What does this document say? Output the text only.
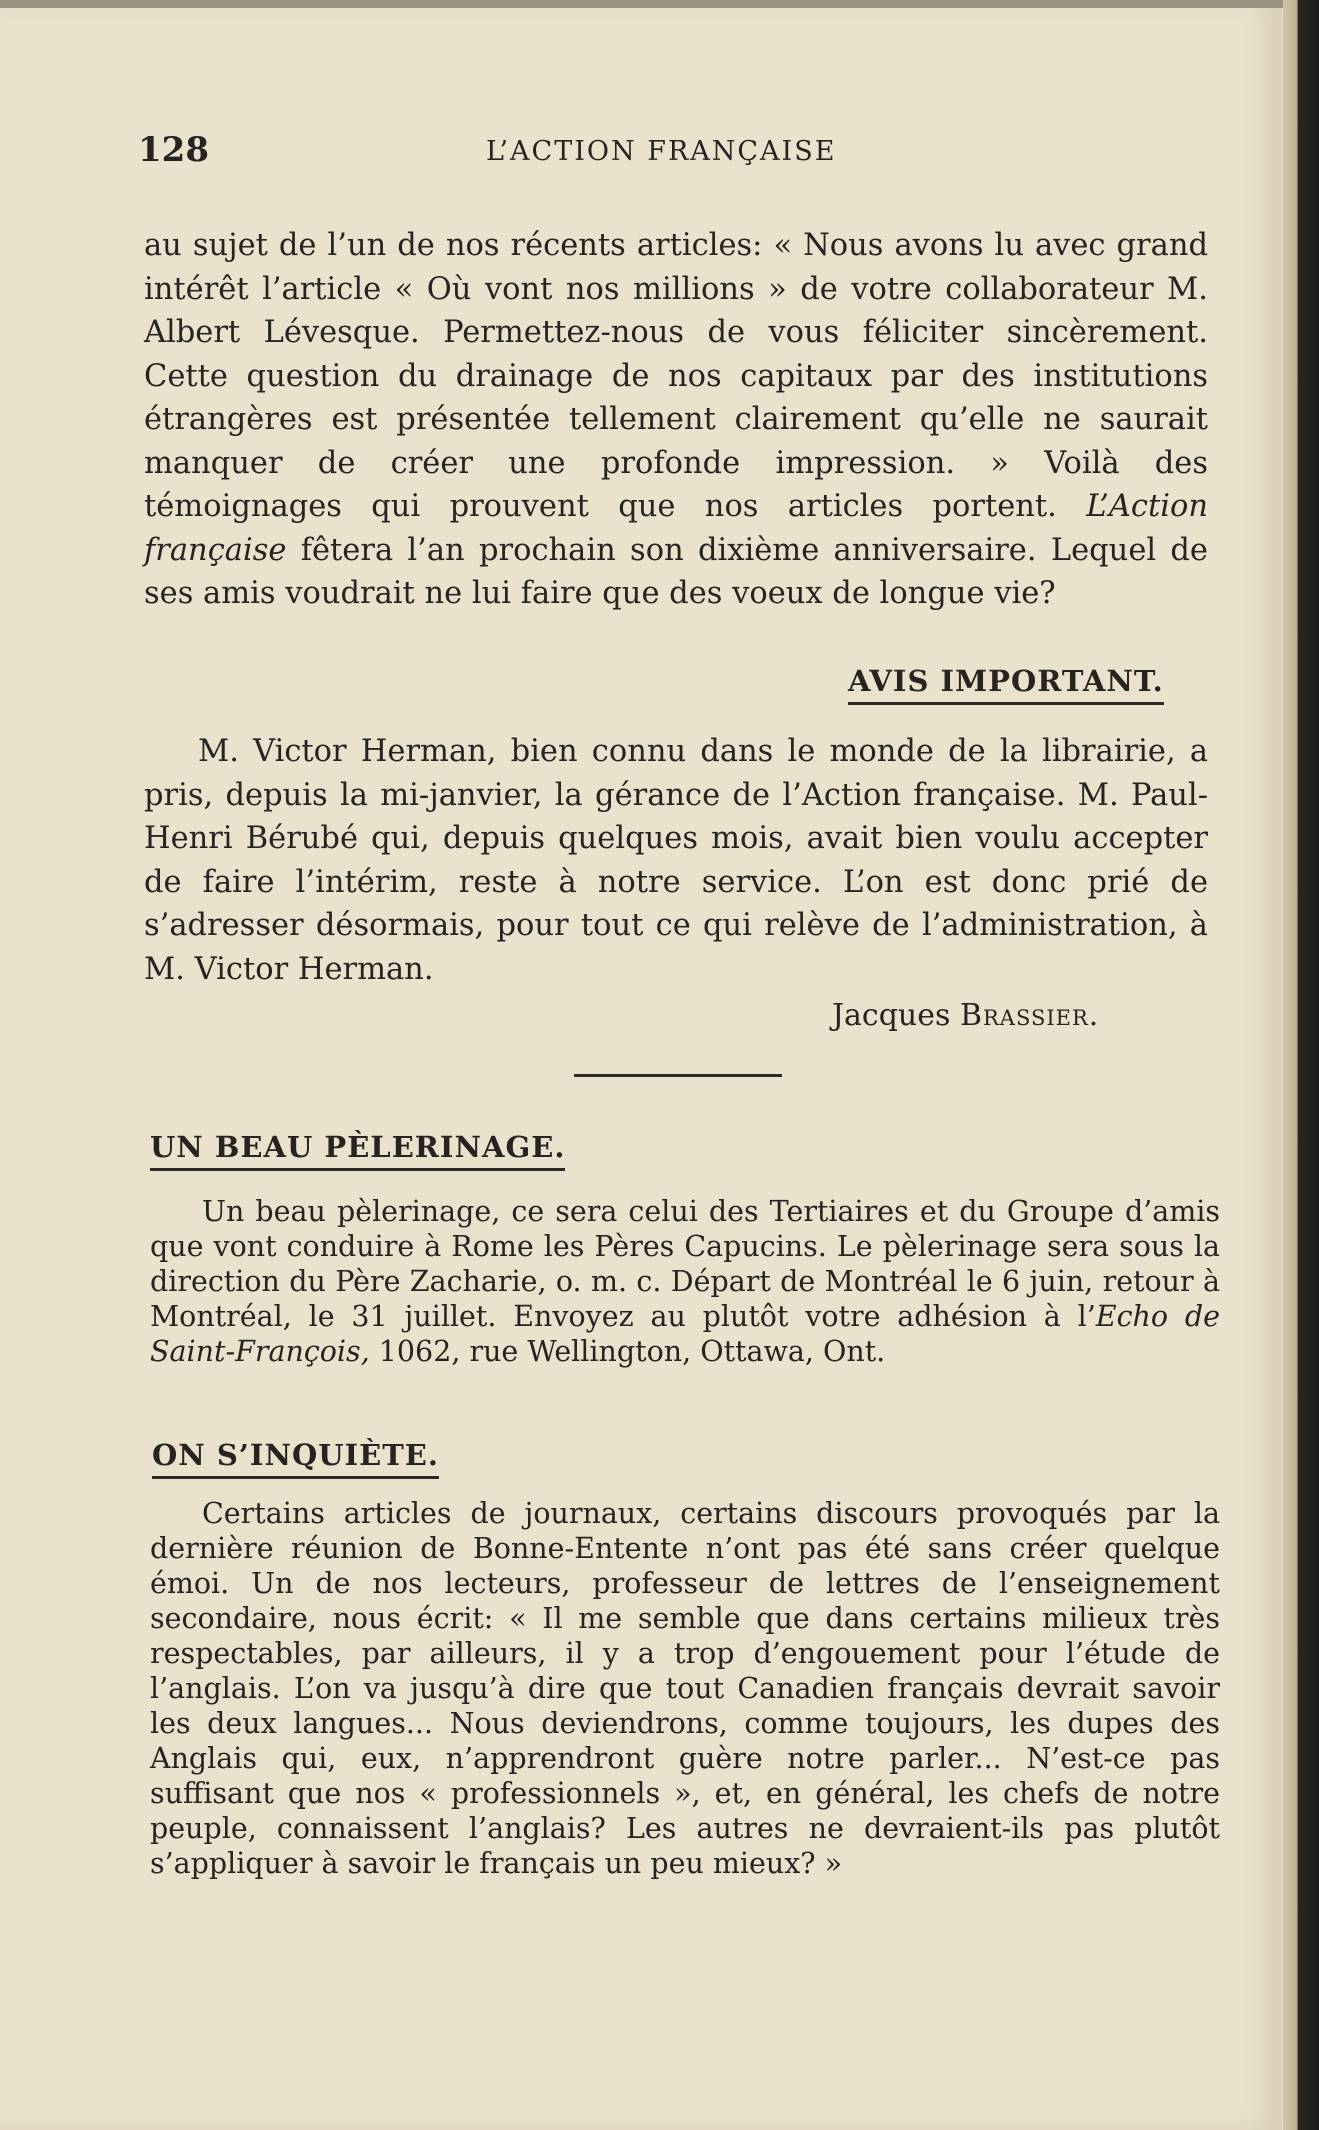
128	L’ACTION FRANÇAISE

au sujet de l’un de nos récents articles: « Nous avons lu avec grand intérêt l’article « Où vont nos millions » de votre collaborateur M. Albert Lévesque. Permettez-nous de vous féliciter sincèrement. Cette question du drainage de nos capitaux par des institutions étrangères est présentée tellement clairement qu’elle ne saurait manquer de créer une profonde impression. » Voilà des témoignages qui prouvent que nos articles portent. L’Action française fêtera l’an prochain son dixième anniversaire. Lequel de ses amis voudrait ne lui faire que des voeux de longue vie?

AVIS IMPORTANT.

M. Victor Herman, bien connu dans le monde de la librairie, a pris, depuis la mi-janvier, la gérance de l’Action française. M. Paul-Henri Bérubé qui, depuis quelques mois, avait bien voulu accepter de faire l’intérim, reste à notre service. L’on est donc prié de s’adresser désormais, pour tout ce qui relève de l’administration, à M. Victor Herman.

Jacques Brassier.
UN BEAU PÈLERINAGE.

Un beau pèlerinage, ce sera celui des Tertiaires et du Groupe d’amis que vont conduire à Rome les Pères Capucins. Le pèlerinage sera sous la direction du Père Zacharie, o. m. c. Départ de Montréal le 6 juin, retour à Montréal, le 31 juillet. Envoyez au plutôt votre adhésion à l’Echo de Saint-François, 1062, rue Wellington, Ottawa, Ont.

ON S’INQUIÈTE.

Certains articles de journaux, certains discours provoqués par la dernière réunion de Bonne-Entente n’ont pas été sans créer quelque émoi. Un de nos lecteurs, professeur de lettres de l’enseignement secondaire, nous écrit: « Il me semble que dans certains milieux très respectables, par ailleurs, il y a trop d’engouement pour l’étude de l’anglais. L’on va jusqu’à dire que tout Canadien français devrait savoir les deux langues... Nous deviendrons, comme toujours, les dupes des Anglais qui, eux, n’apprendront guère notre parler... N’est-ce pas suffisant que nos « professionnels », et, en général, les chefs de notre peuple, connaissent l’anglais? Les autres ne devraient-ils pas plutôt s’appliquer à savoir le français un peu mieux? »
